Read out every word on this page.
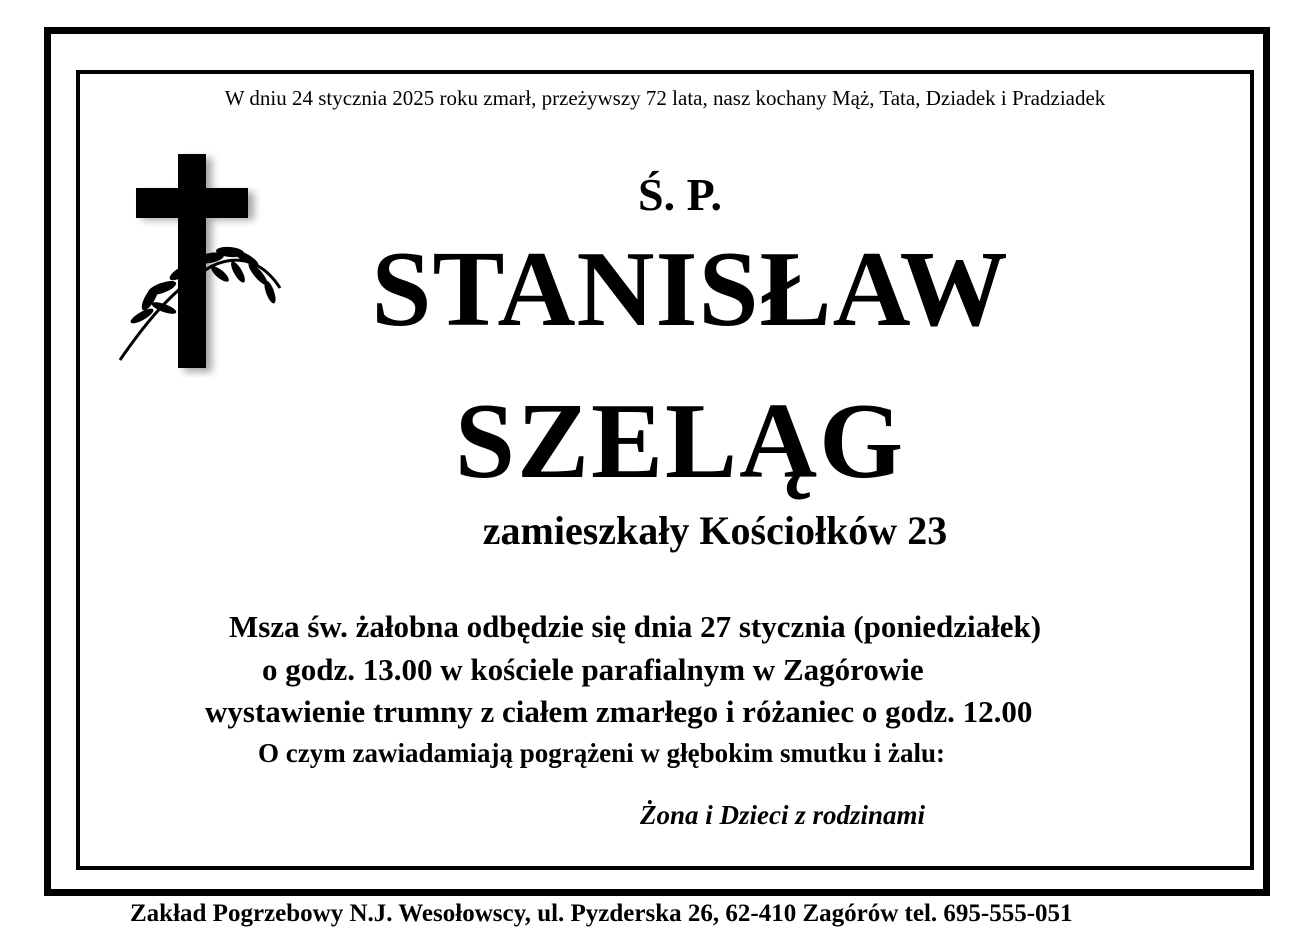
W dniu 24 stycznia 2025 roku zmarł, przeżywszy 72 lata, nasz kochany Mąż, Tata, Dziadek i Pradziadek
Ś. P.
STANISŁAW
SZELĄG
zamieszkały Kościołków 23
Msza św. żałobna odbędzie się dnia 27 stycznia (poniedziałek)
o godz. 13.00 w kościele parafialnym w Zagórowie
wystawienie trumny z ciałem zmarłego i różaniec o godz. 12.00
O czym zawiadamiają pogrążeni w głębokim smutku i żalu:
Żona i Dzieci z rodzinami
Zakład Pogrzebowy N.J. Wesołowscy, ul. Pyzderska 26, 62-410 Zagórów tel. 695-555-051
